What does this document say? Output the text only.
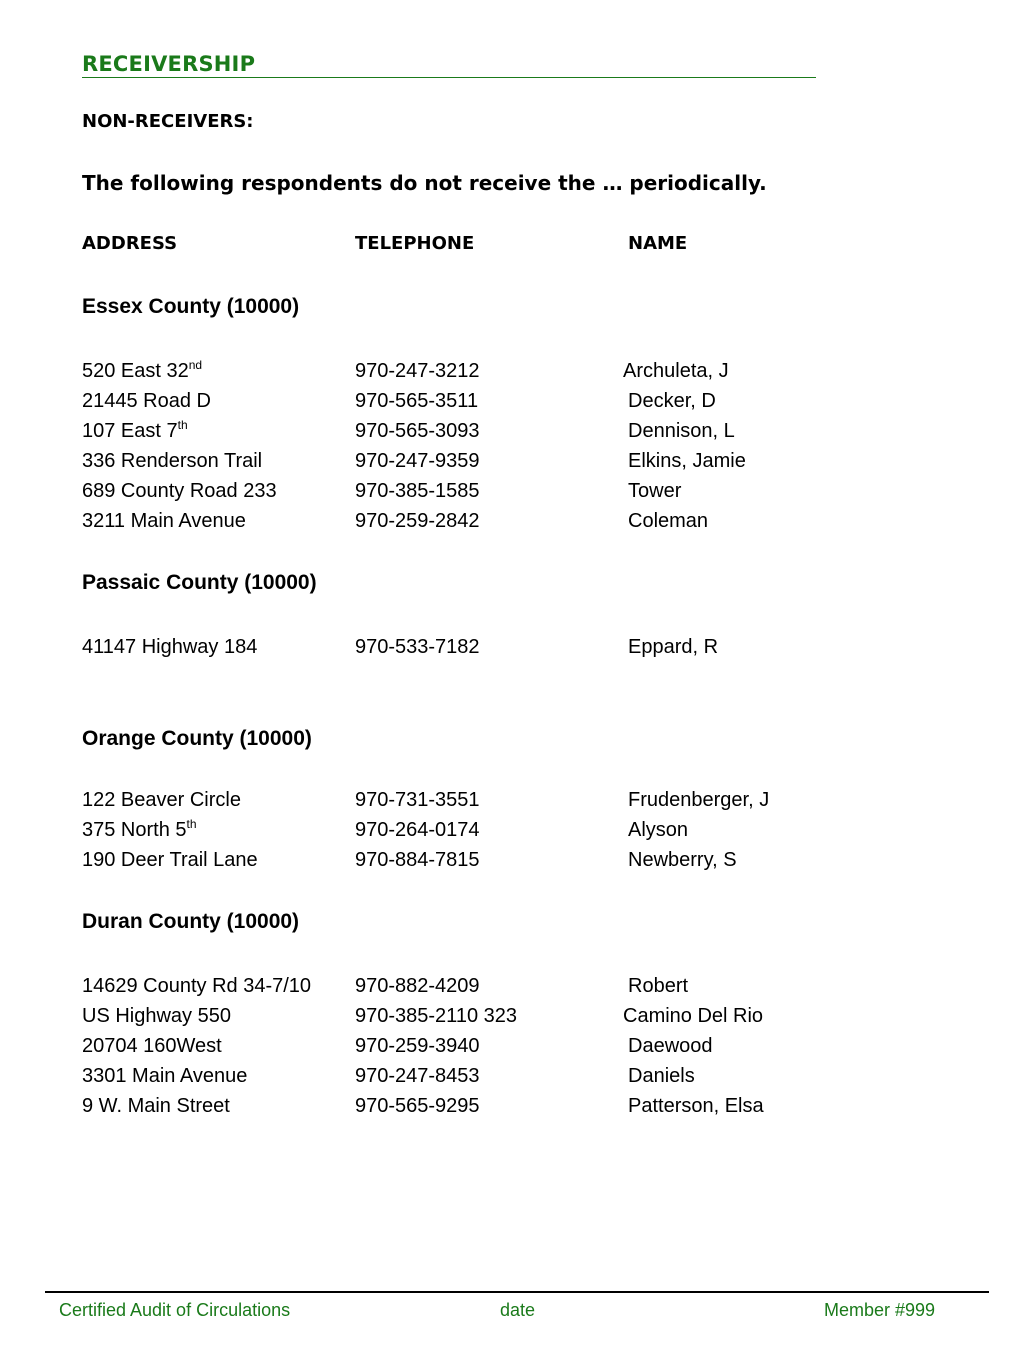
RECEIVERSHIP
NON-RECEIVERS:
The following respondents do not receive the … periodically.
ADDRESS	TELEPHONE	NAME
Essex County (10000)
520 East 32nd	970-247-3212	Archuleta, J
21445 Road D	970-565-3511	Decker, D
107 East 7th	970-565-3093	Dennison, L
336 Renderson Trail	970-247-9359	Elkins, Jamie
689 County Road 233	970-385-1585	Tower
3211 Main Avenue	970-259-2842	Coleman
Passaic County (10000)
41147 Highway 184	970-533-7182	Eppard, R
Orange County (10000)
122 Beaver Circle	970-731-3551	Frudenberger, J
375 North 5th	970-264-0174	Alyson
190 Deer Trail Lane	970-884-7815	Newberry, S
Duran County (10000)
14629 County Rd 34-7/10 970-882-4209	Robert
US Highway 550	970-385-2110 323	Camino Del Rio
20704 160West	970-259-3940	Daewood
3301 Main Avenue	970-247-8453	Daniels
9 W. Main Street	970-565-9295	Patterson, Elsa
Certified Audit of Circulations	date	Member #999
